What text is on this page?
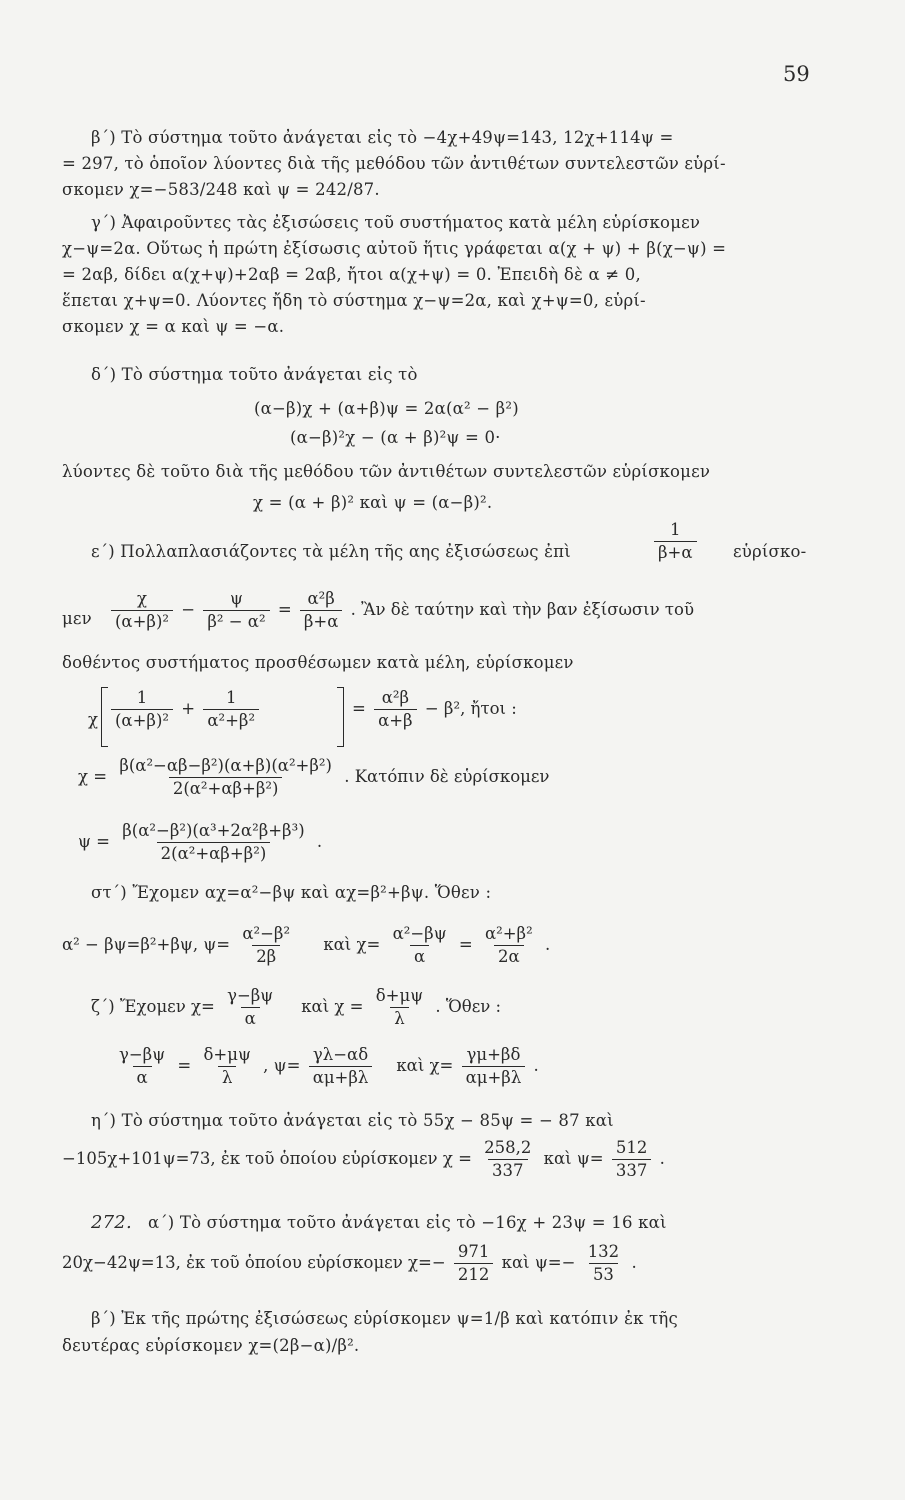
59
β΄) Τὸ σύστημα τοῦτο ἀνάγεται εἰς τὸ −4χ+49ψ=143, 12χ+114ψ =
= 297, τὸ ὁποῖον λύοντες διὰ τῆς μεθόδου τῶν ἀντιθέτων συντελεστῶν εὑρί-
σκομεν χ=−583/248 καὶ ψ = 242/87.
γ΄) Ἀφαιροῦντες τὰς ἐξισώσεις τοῦ συστήματος κατὰ μέλη εὑρίσκομεν
χ−ψ=2α. Οὕτως ἡ πρώτη ἐξίσωσις αὐτοῦ ἥτις γράφεται α(χ + ψ) + β(χ−ψ) =
= 2αβ, δίδει α(χ+ψ)+2αβ = 2αβ, ἤτοι α(χ+ψ) = 0. Ἐπειδὴ δὲ α ≠ 0,
ἕπεται χ+ψ=0. Λύοντες ἤδη τὸ σύστημα χ−ψ=2α, καὶ χ+ψ=0, εὑρί-
σκομεν χ = α καὶ ψ = −α.
δ΄) Τὸ σύστημα τοῦτο ἀνάγεται εἰς τὸ
(α−β)χ + (α+β)ψ = 2α(α² − β²)
(α−β)²χ − (α + β)²ψ = 0·
λύοντες δὲ τοῦτο διὰ τῆς μεθόδου τῶν ἀντιθέτων συντελεστῶν εὑρίσκομεν
χ = (α + β)² καὶ ψ = (α−β)².
ε΄) Πολλαπλασιάζοντες τὰ μέλη τῆς αης ἐξισώσεως ἐπὶ	$\frac{1}{\beta+\alpha}$ εὑρίσκο-
μεν $\frac{\chi}{\text{(α+β)²}} - \frac{\psi}{\text{β² − α²}} = \frac{\text{α²β}}{\beta+\alpha}$ . Ἂν δὲ ταύτην καὶ τὴν βαν ἐξίσωσιν τοῦ
δοθέντος συστήματος προσθέσωμεν κατὰ μέλη, εὑρίσκομεν
χ $\frac{1}{\text{(α+β)²}} + \frac{1}{\text{α²+β²}}$	= $\frac{\text{α²β}}{\alpha+\beta} - \beta^2$, ἤτοι :
$\chi = \frac{\text{β(α²−αβ−β²)(α+β)(α²+β²)}}{\text{2(α²+αβ+β²)}}$ . Κατόπιν δὲ εὑρίσκομεν
$\psi = \frac{\text{β(α²−β²)(α³+2α²β+β³)}}{\text{2(α²+αβ+β²)}}$ .
στ΄) Ἔχομεν αχ=α²−βψ καὶ αχ=β²+βψ. Ὅθεν :
α² − βψ=β²+βψ, $\psi= \frac{\text{α²−β²}}{2\beta}$ καὶ $\chi= \frac{\text{α²−βψ}}{\alpha} = \frac{\text{α²+β²}}{2\alpha}$ .
ζ΄) Ἔχομεν $\chi= \frac{\gamma-\beta\psi}{\alpha}$ καὶ $\chi = \frac{\delta+\mu\psi}{\lambda}$ . Ὅθεν :
$\frac{\gamma-\beta\psi}{\alpha} = \frac{\delta+\mu\psi}{\lambda}$ , $\psi= \frac{\gamma\lambda-\alpha\delta}{\alpha\mu+\beta\lambda}$ καὶ $\chi= \frac{\gamma\mu+\beta\delta}{\alpha\mu+\beta\lambda}$ .
η΄) Τὸ σύστημα τοῦτο ἀνάγεται εἰς τὸ 55χ − 85ψ = − 87 καὶ
−105χ+101ψ=73, ἐκ τοῦ ὁποίου εὑρίσκομεν $\chi = \frac{258,2}{337}$ καὶ $\psi= \frac{512}{337}$ .
272. α΄) Τὸ σύστημα τοῦτο ἀνάγεται εἰς τὸ −16χ + 23ψ = 16 καὶ
20χ−42ψ=13, ἐκ τοῦ ὁποίου εὑρίσκομεν $\chi=- \frac{971}{212}$ καὶ $\psi=- \frac{132}{53}$ .
β΄) Ἐκ τῆς πρώτης ἐξισώσεως εὑρίσκομεν ψ=1/β καὶ κατόπιν ἐκ τῆς
δευτέρας εὑρίσκομεν χ=(2β−α)/β².
